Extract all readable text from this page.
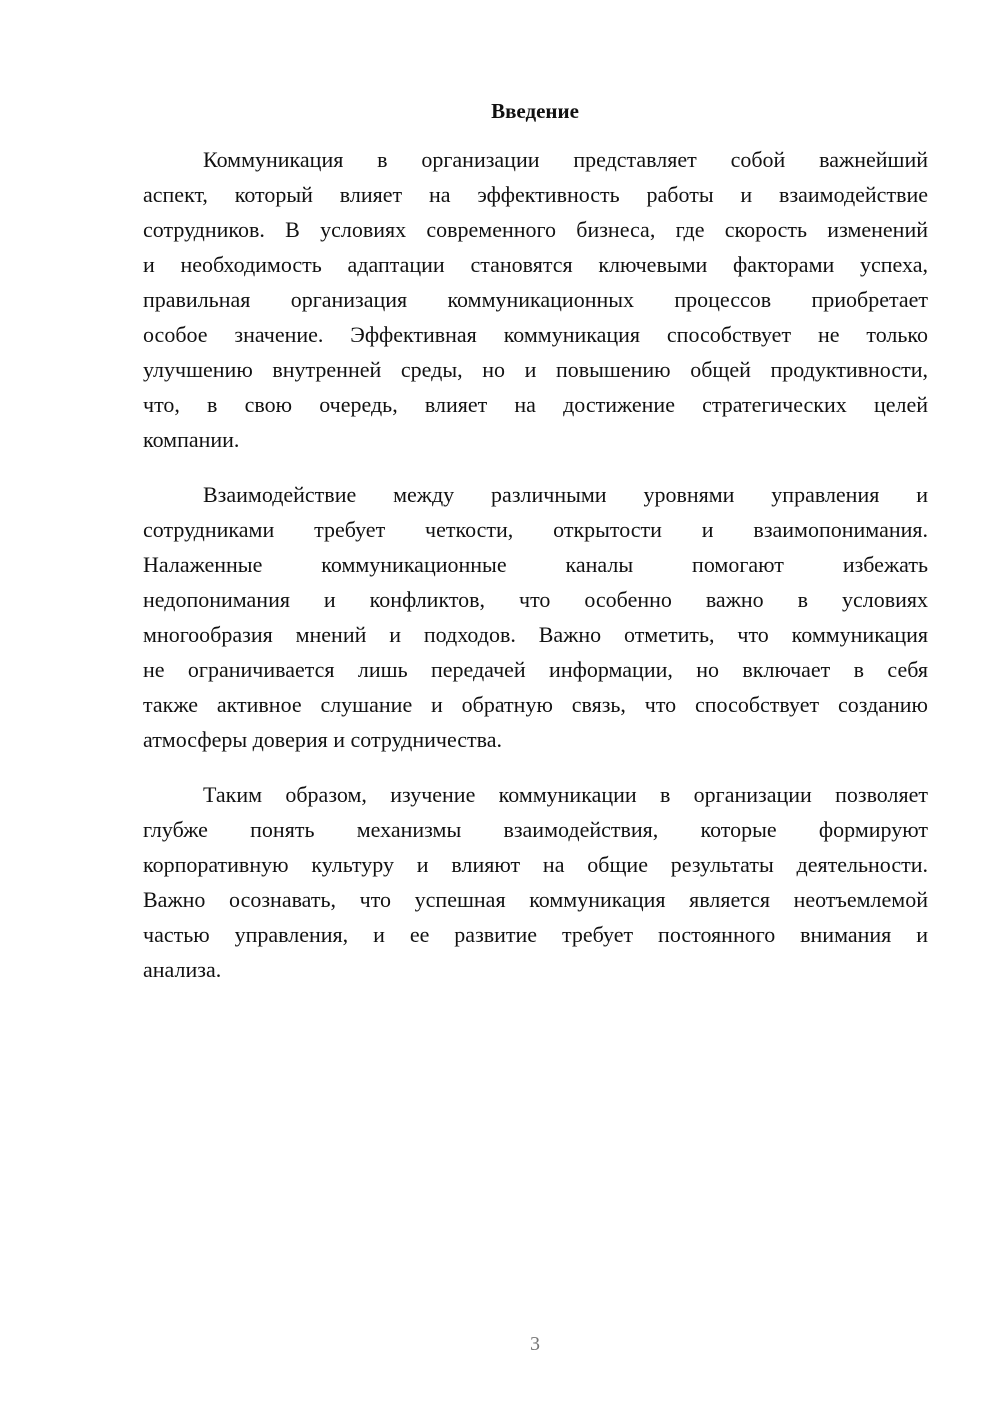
Введение
Коммуникация в организации представляет собой важнейший
аспект, который влияет на эффективность работы и взаимодействие
сотрудников. В условиях современного бизнеса, где скорость изменений
и необходимость адаптации становятся ключевыми факторами успеха,
правильная организация коммуникационных процессов приобретает
особое значение. Эффективная коммуникация способствует не только
улучшению внутренней среды, но и повышению общей продуктивности,
что, в свою очередь, влияет на достижение стратегических целей
компании.
Взаимодействие между различными уровнями управления и
сотрудниками требует четкости, открытости и взаимопонимания.
Налаженные коммуникационные каналы помогают избежать
недопонимания и конфликтов, что особенно важно в условиях
многообразия мнений и подходов. Важно отметить, что коммуникация
не ограничивается лишь передачей информации, но включает в себя
также активное слушание и обратную связь, что способствует созданию
атмосферы доверия и сотрудничества.
Таким образом, изучение коммуникации в организации позволяет
глубже понять механизмы взаимодействия, которые формируют
корпоративную культуру и влияют на общие результаты деятельности.
Важно осознавать, что успешная коммуникация является неотъемлемой
частью управления, и ее развитие требует постоянного внимания и
анализа.
3
